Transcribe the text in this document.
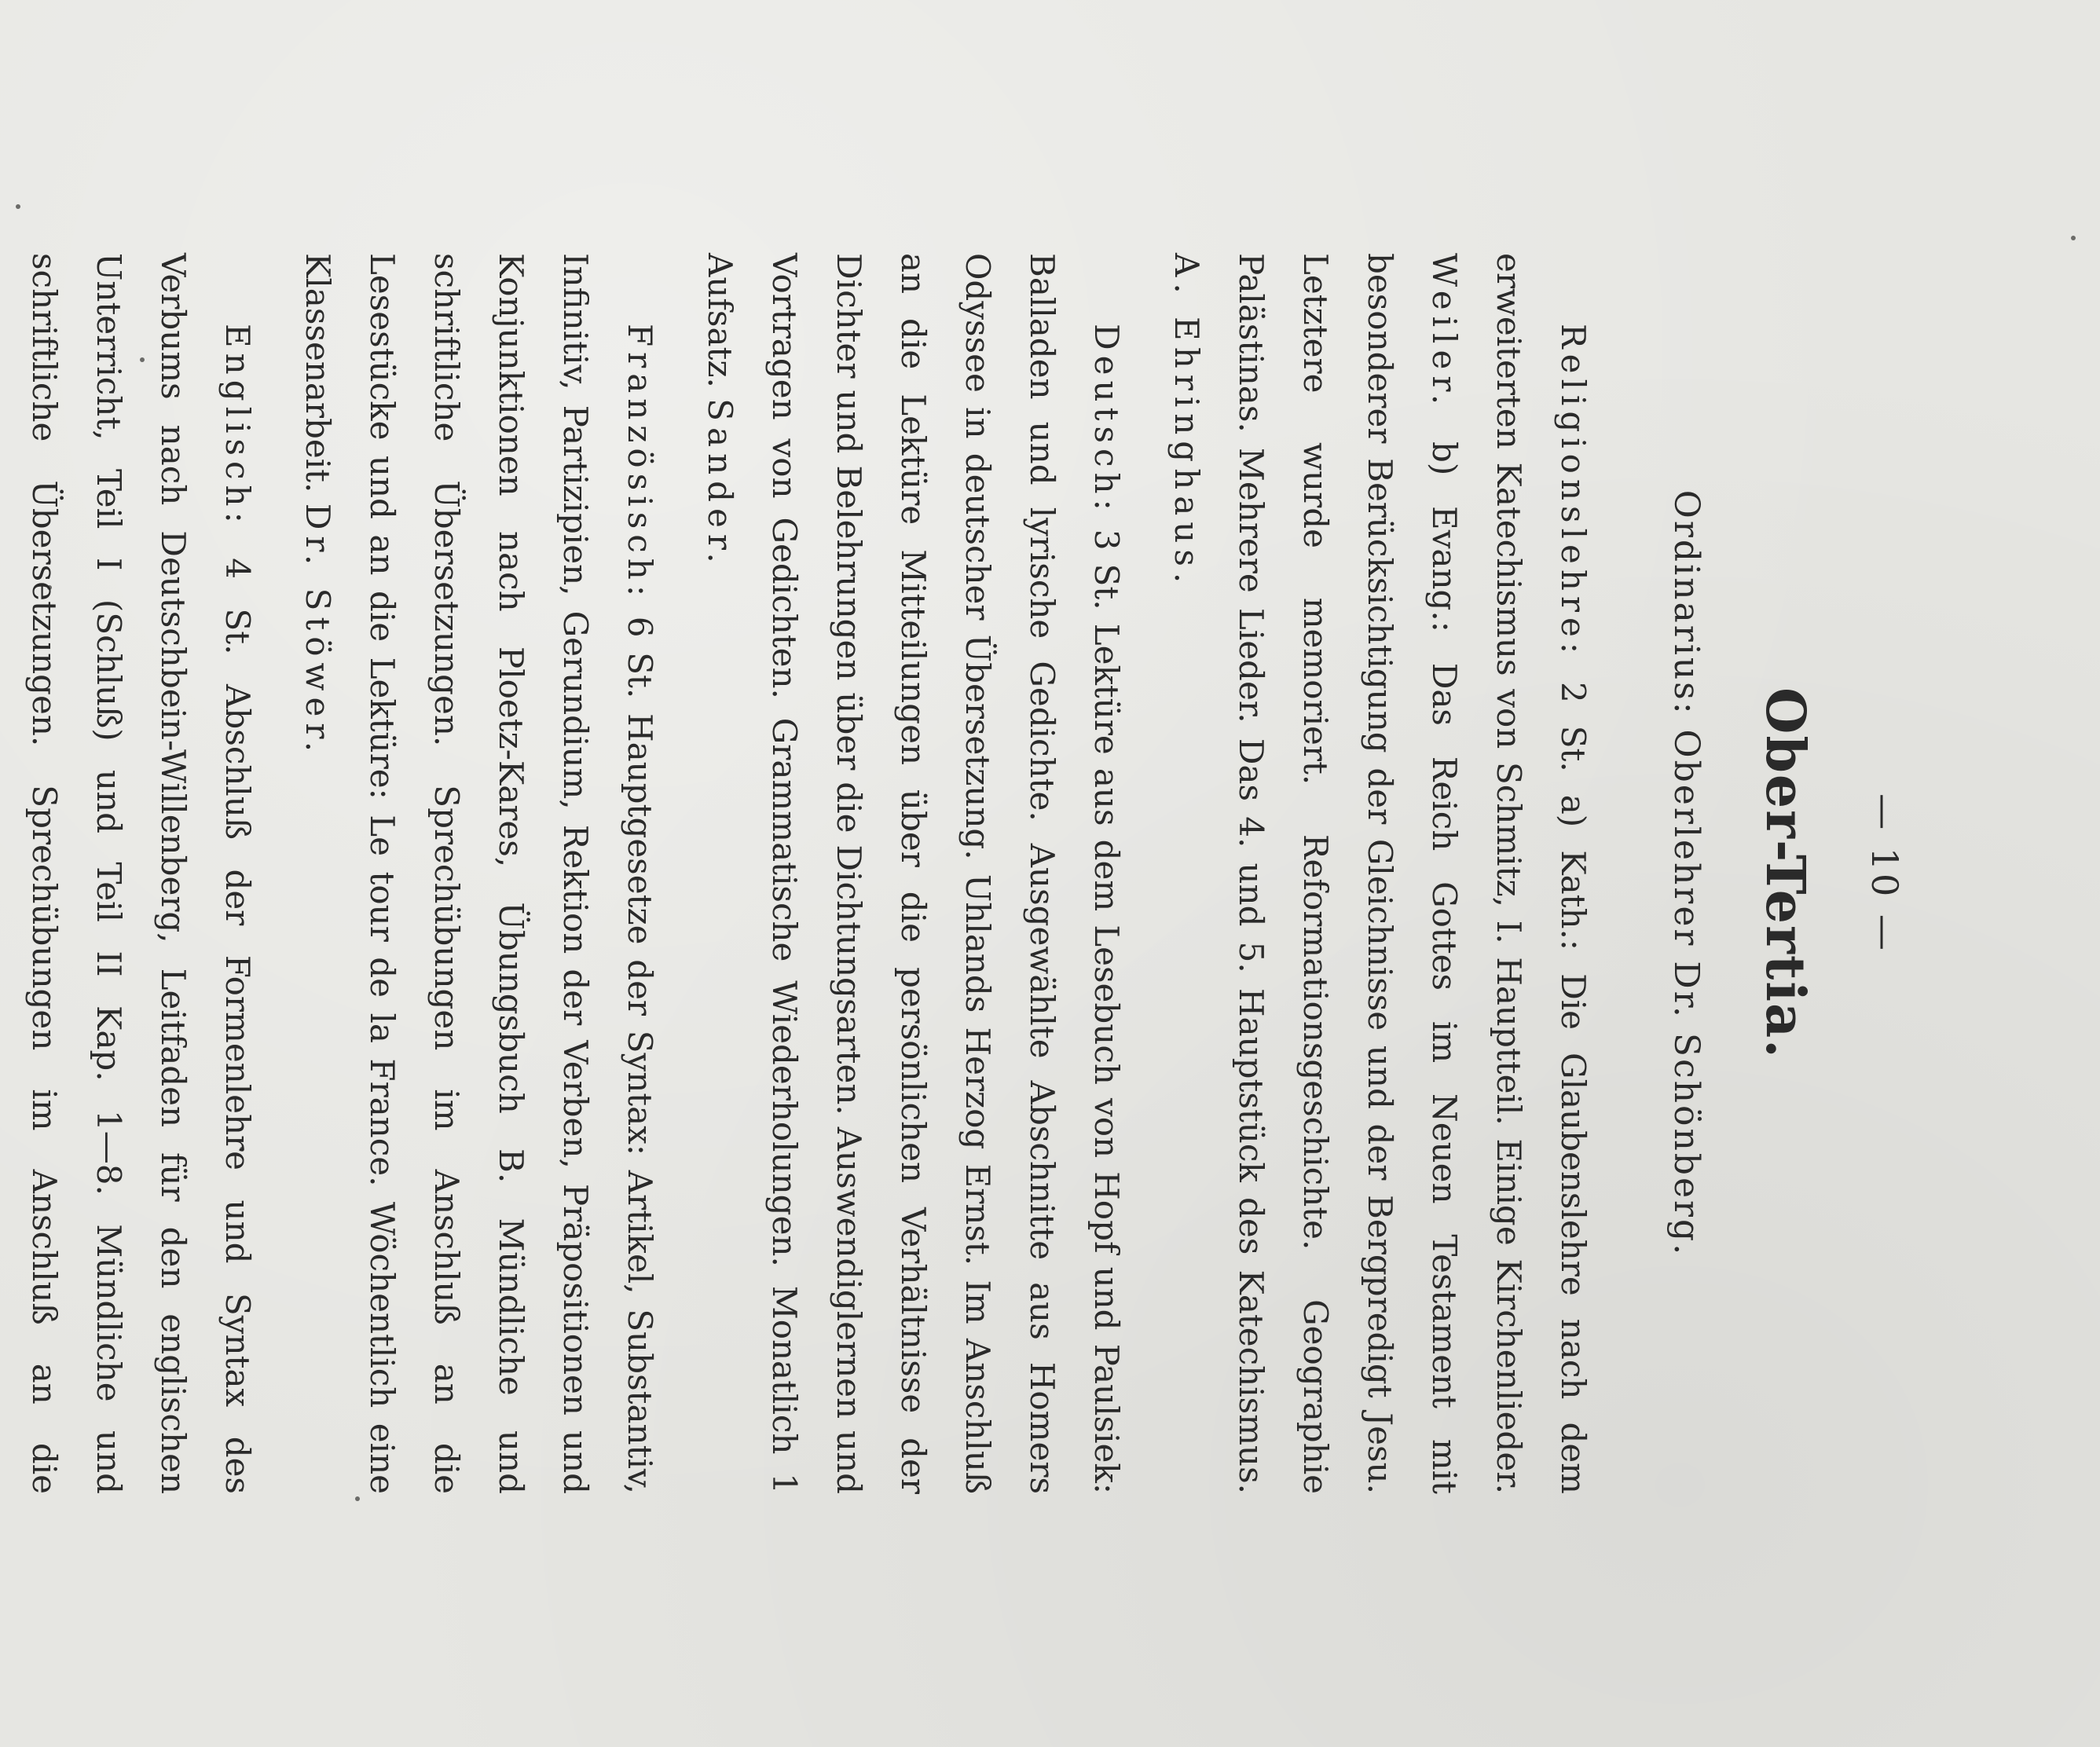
— 10 —
Ober-Tertia.
Ordinarius: Oberlehrer Dr. Schönberg.

Religionslehre: 2 St. a) Kath.: Die Glaubenslehre nach dem erweiterten Katechismus von Schmitz, I. Hauptteil. Einige Kirchenlieder. Weiler. b) Evang.: Das Reich Gottes im Neuen Testament mit besonderer Berücksichtigung der Gleichnisse und der Bergpredigt Jesu. Letztere wurde memoriert. Reformationsgeschichte. Geographie Palästinas. Mehrere Lieder. Das 4. und 5. Hauptstück des Katechismus. A. Ehringhaus.

Deutsch: 3 St. Lektüre aus dem Lesebuch von Hopf und Paulsiek: Balladen und lyrische Gedichte. Ausgewählte Abschnitte aus Homers Odyssee in deutscher Übersetzung. Uhlands Herzog Ernst. Im Anschluß an die Lektüre Mitteilungen über die persönlichen Verhältnisse der Dichter und Belehrungen über die Dichtungsarten. Auswendiglernen und Vortragen von Gedichten. Grammatische Wiederholungen. Monatlich 1 Aufsatz. Sander.

Französisch: 6 St. Hauptgesetze der Syntax: Artikel, Substantiv, Infinitiv, Partizipien, Gerundium, Rektion der Verben, Präpositionen und Konjunktionen nach Ploetz-Kares, Übungsbuch B. Mündliche und schriftliche Übersetzungen. Sprechübungen im Anschluß an die Lesestücke und an die Lektüre: Le tour de la France. Wöchentlich eine Klassenarbeit. Dr. Stöwer.

Englisch: 4 St. Abschluß der Formenlehre und Syntax des Verbums nach Deutschbein-Willenberg, Leitfaden für den englischen Unterricht, Teil I (Schluß) und Teil II Kap. 1—8. Mündliche und schriftliche Übersetzungen. Sprechübungen im Anschluß an die
